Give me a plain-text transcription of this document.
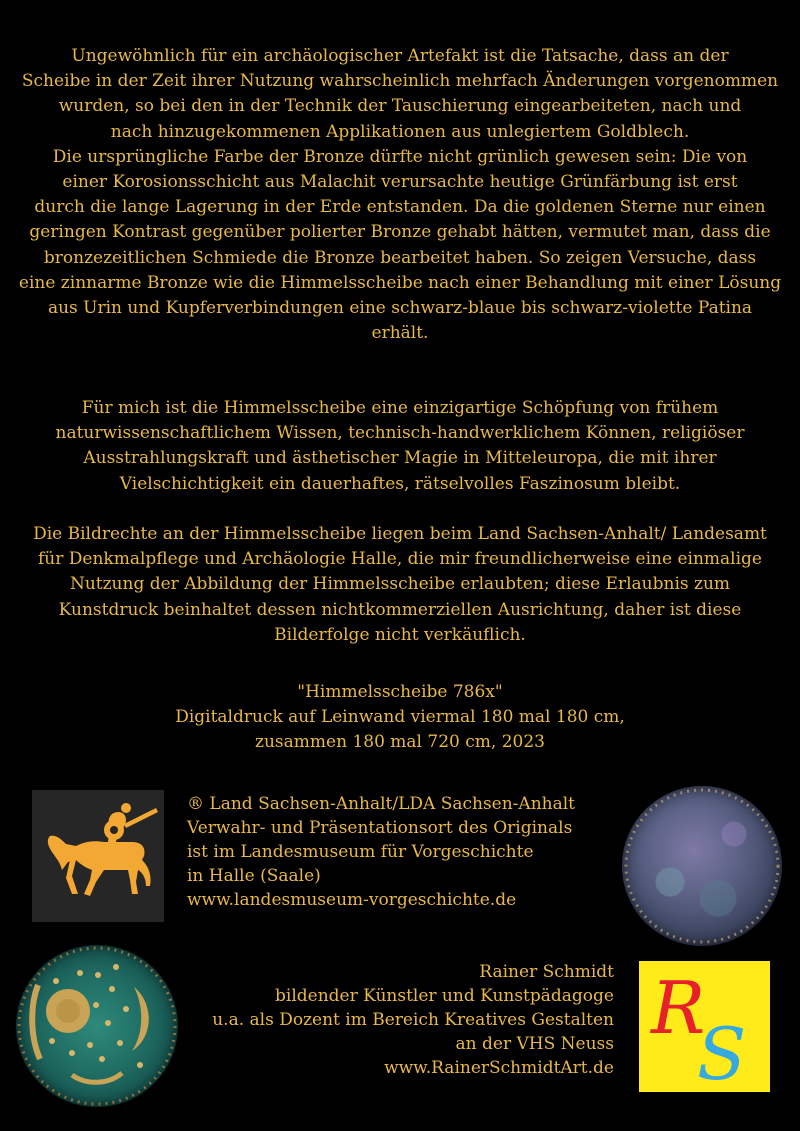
Ungewöhnlich für ein archäologischer Artefakt ist die Tatsache, dass an der
Scheibe in der Zeit ihrer Nutzung wahrscheinlich mehrfach Änderungen vorgenommen
wurden, so bei den in der Technik der Tauschierung eingearbeiteten, nach und
nach hinzugekommenen Applikationen aus unlegiertem Goldblech.
Die ursprüngliche Farbe der Bronze dürfte nicht grünlich gewesen sein: Die von
einer Korosionsschicht aus Malachit verursachte heutige Grünfärbung ist erst
durch die lange Lagerung in der Erde entstanden. Da die goldenen Sterne nur einen
geringen Kontrast gegenüber polierter Bronze gehabt hätten, vermutet man, dass die
bronzezeitlichen Schmiede die Bronze bearbeitet haben. So zeigen Versuche, dass
eine zinnarme Bronze wie die Himmelsscheibe nach einer Behandlung mit einer Lösung
aus Urin und Kupferverbindungen eine schwarz-blaue bis schwarz-violette Patina
erhält.
Für mich ist die Himmelsscheibe eine einzigartige Schöpfung von frühem
naturwissenschaftlichem Wissen, technisch-handwerklichem Können, religiöser
Ausstrahlungskraft und ästhetischer Magie in Mitteleuropa, die mit ihrer
Vielschichtigkeit ein dauerhaftes, rätselvolles Faszinosum bleibt.
Die Bildrechte an der Himmelsscheibe liegen beim Land Sachsen-Anhalt/ Landesamt
für Denkmalpflege und Archäologie Halle, die mir freundlicherweise eine einmalige
Nutzung der Abbildung der Himmelsscheibe erlaubten; diese Erlaubnis zum
Kunstdruck beinhaltet dessen nichtkommerziellen Ausrichtung, daher ist diese
Bilderfolge nicht verkäuflich.
"Himmelsscheibe 786x"
Digitaldruck auf Leinwand viermal 180 mal 180 cm,
zusammen 180 mal 720 cm, 2023
® Land Sachsen-Anhalt/LDA Sachsen-Anhalt
Verwahr- und Präsentationsort des Originals
ist im Landesmuseum für Vorgeschichte
in Halle (Saale)
www.landesmuseum-vorgeschichte.de
Rainer Schmidt
bildender Künstler und Kunstpädagoge
u.a. als Dozent im Bereich Kreatives Gestalten
an der VHS Neuss
www.RainerSchmidtArt.de
R
S
